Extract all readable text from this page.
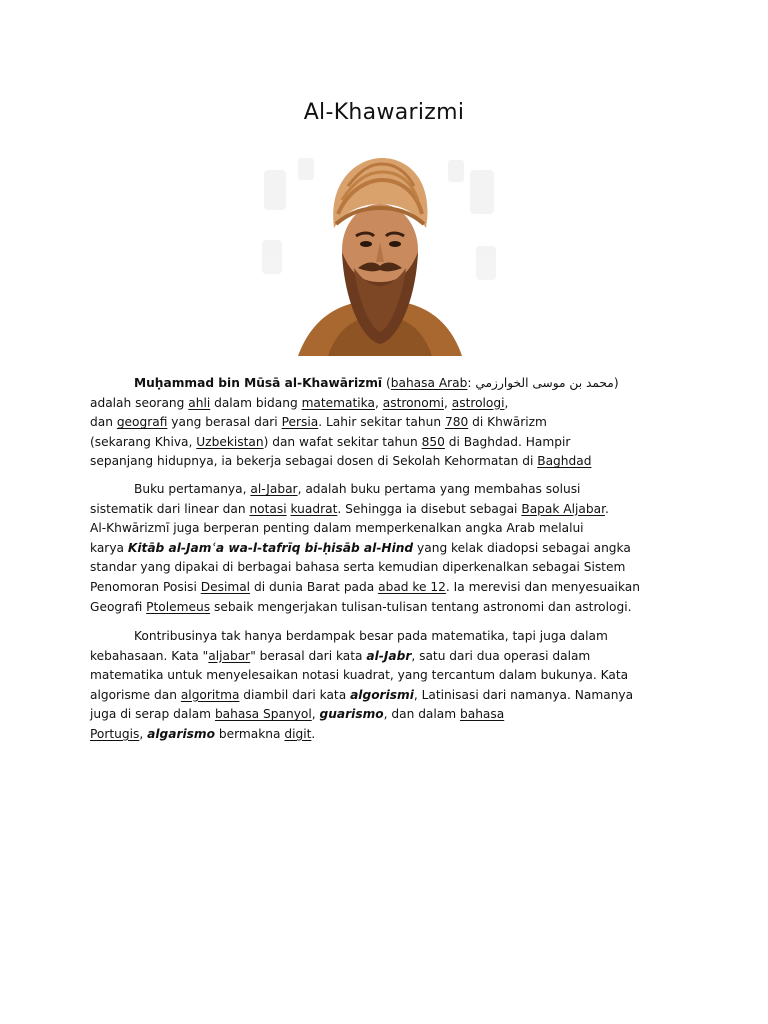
Al-Khawarizmi
Muḥammad bin Mūsā al-Khawārizmī (bahasa Arab: محمد بن موسى الخوارزمي)
adalah seorang ahli dalam bidang matematika, astronomi, astrologi,
dan geografi yang berasal dari Persia. Lahir sekitar tahun 780 di Khwārizm
(sekarang Khiva, Uzbekistan) dan wafat sekitar tahun 850 di Baghdad. Hampir
sepanjang hidupnya, ia bekerja sebagai dosen di Sekolah Kehormatan di Baghdad
Buku pertamanya, al-Jabar, adalah buku pertama yang membahas solusi
sistematik dari linear dan notasi kuadrat. Sehingga ia disebut sebagai Bapak Aljabar.
Al-Khwārizmī juga berperan penting dalam memperkenalkan angka Arab melalui
karya Kitāb al-Jamʿa wa-l-tafrīq bi-ḥisāb al-Hind yang kelak diadopsi sebagai angka
standar yang dipakai di berbagai bahasa serta kemudian diperkenalkan sebagai Sistem
Penomoran Posisi Desimal di dunia Barat pada abad ke 12. Ia merevisi dan menyesuaikan
Geografi Ptolemeus sebaik mengerjakan tulisan-tulisan tentang astronomi dan astrologi.
Kontribusinya tak hanya berdampak besar pada matematika, tapi juga dalam
kebahasaan. Kata "aljabar" berasal dari kata al-Jabr, satu dari dua operasi dalam
matematika untuk menyelesaikan notasi kuadrat, yang tercantum dalam bukunya. Kata
algorisme dan algoritma diambil dari kata algorismi, Latinisasi dari namanya. Namanya
juga di serap dalam bahasa Spanyol, guarismo, dan dalam bahasa
Portugis, algarismo bermakna digit.
